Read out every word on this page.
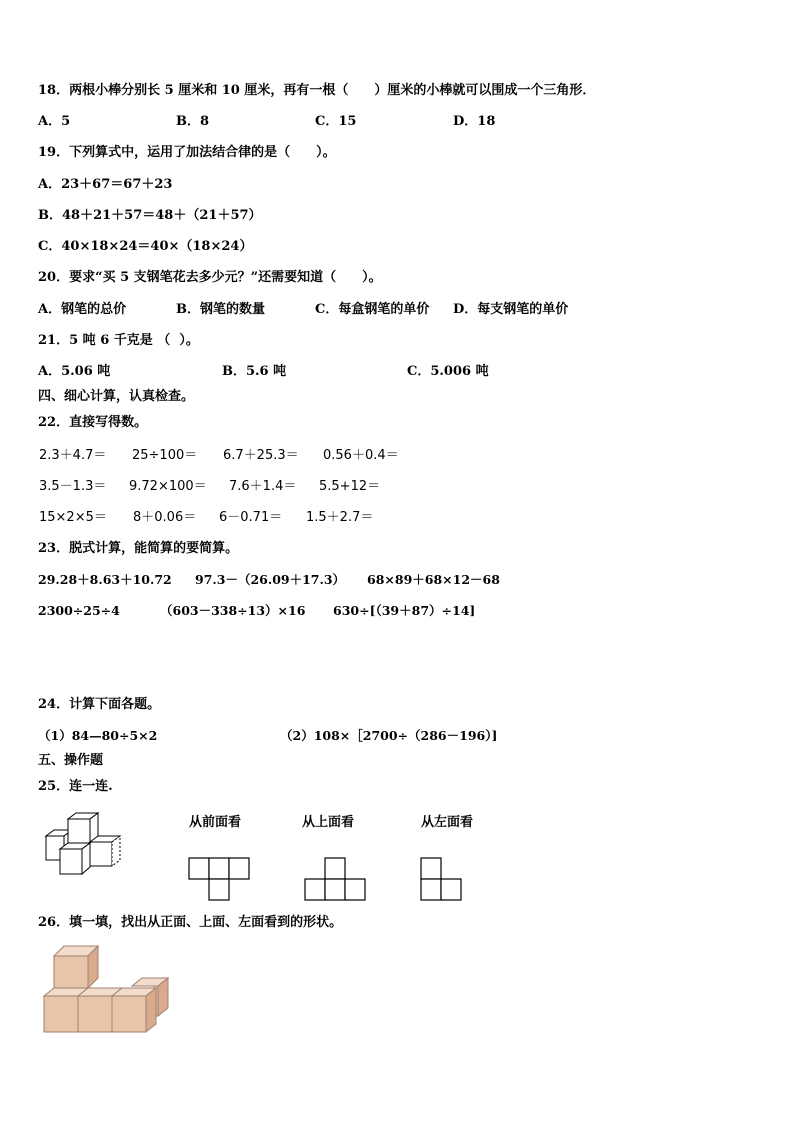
18．两根小棒分别长 5 厘米和 10 厘米，再有一根（　　）厘米的小棒就可以围成一个三角形．
A．5	B．8	C．15	D．18
19．下列算式中，运用了加法结合律的是（　　）。
A．23＋67＝67＋23
B．48＋21＋57＝48＋（21＋57）
C．40×18×24＝40×（18×24）
20．要求“买 5 支钢笔花去多少元？”还需要知道（　　）。
A．钢笔的总价	B．钢笔的数量	C．每盒钢笔的单价 D．每支钢笔的单价
21．5 吨 6 千克是 （  ）。
A．5.06 吨	B．5.6 吨	C．5.006 吨
四、细心计算，认真检查。
22．直接写得数。
2.3＋4.7＝ 25÷100＝ 6.7＋25.3＝ 0.56＋0.4＝
3.5－1.3＝ 9.72×100＝ 7.6＋1.4＝ 5.5+12＝
15×2×5＝ 8＋0.06＝ 6－0.71＝ 1.5＋2.7＝
23．脱式计算，能简算的要简算。
29.28＋8.63＋10.72 97.3－（26.09＋17.3） 68×89＋68×12－68
2300÷25÷4	（603－338÷13）×16 630÷[（39＋87）÷14]
24．计算下面各题。
（1）84—80÷5×2	（2）108×［2700÷（286－196）]
五、操作题
25．连一连.
从前面看	从上面看	从左面看
26．填一填，找出从正面、上面、左面看到的形状。
